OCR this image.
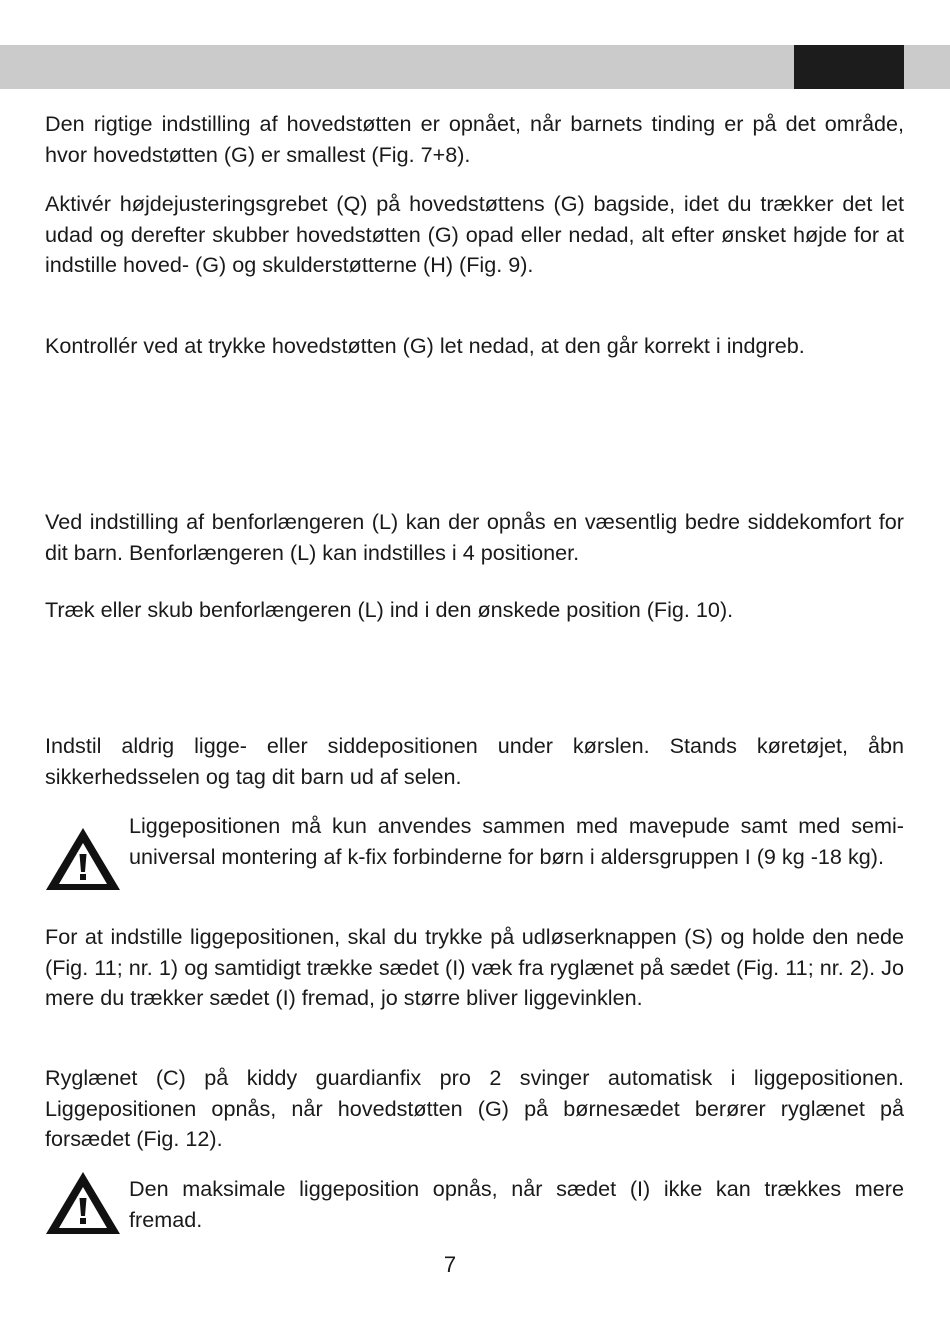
Den rigtige indstilling af hovedstøtten er opnået, når barnets tinding er på det område, hvor hovedstøtten (G) er smallest (Fig. 7+8).

Aktivér højdejusteringsgrebet (Q) på hovedstøttens (G) bagside, idet du trækker det let udad og derefter skubber hovedstøtten (G) opad eller nedad, alt efter ønsket højde for at indstille hoved- (G) og skulderstøtterne (H) (Fig. 9).

Kontrollér ved at trykke hovedstøtten (G) let nedad, at den går korrekt i indgreb.

Ved indstilling af benforlængeren (L) kan der opnås en væsentlig bedre siddekomfort for dit barn. Benforlængeren (L) kan indstilles i 4 positioner.

Træk eller skub benforlængeren (L) ind i den ønskede position (Fig. 10).

Indstil aldrig ligge- eller siddepositionen under kørslen. Stands køretøjet, åbn sikkerhedsselen og tag dit barn ud af selen.

Liggepositionen må kun anvendes sammen med mavepude samt med semi-universal montering af k-fix forbinderne for børn i aldersgruppen I (9 kg -18 kg).

For at indstille liggepositionen, skal du trykke på udløserknappen (S) og holde den nede (Fig. 11; nr. 1) og samtidigt trække sædet (I) væk fra ryglænet på sædet (Fig. 11; nr. 2). Jo mere du trækker sædet (I) fremad, jo større bliver liggevinklen.

Ryglænet (C) på kiddy guardianfix pro 2 svinger automatisk i liggepositionen. Liggepositionen opnås, når hovedstøtten (G) på børnesædet berører ryglænet på forsædet (Fig. 12).

Den maksimale liggeposition opnås, når sædet (I) ikke kan trækkes mere fremad.

7
